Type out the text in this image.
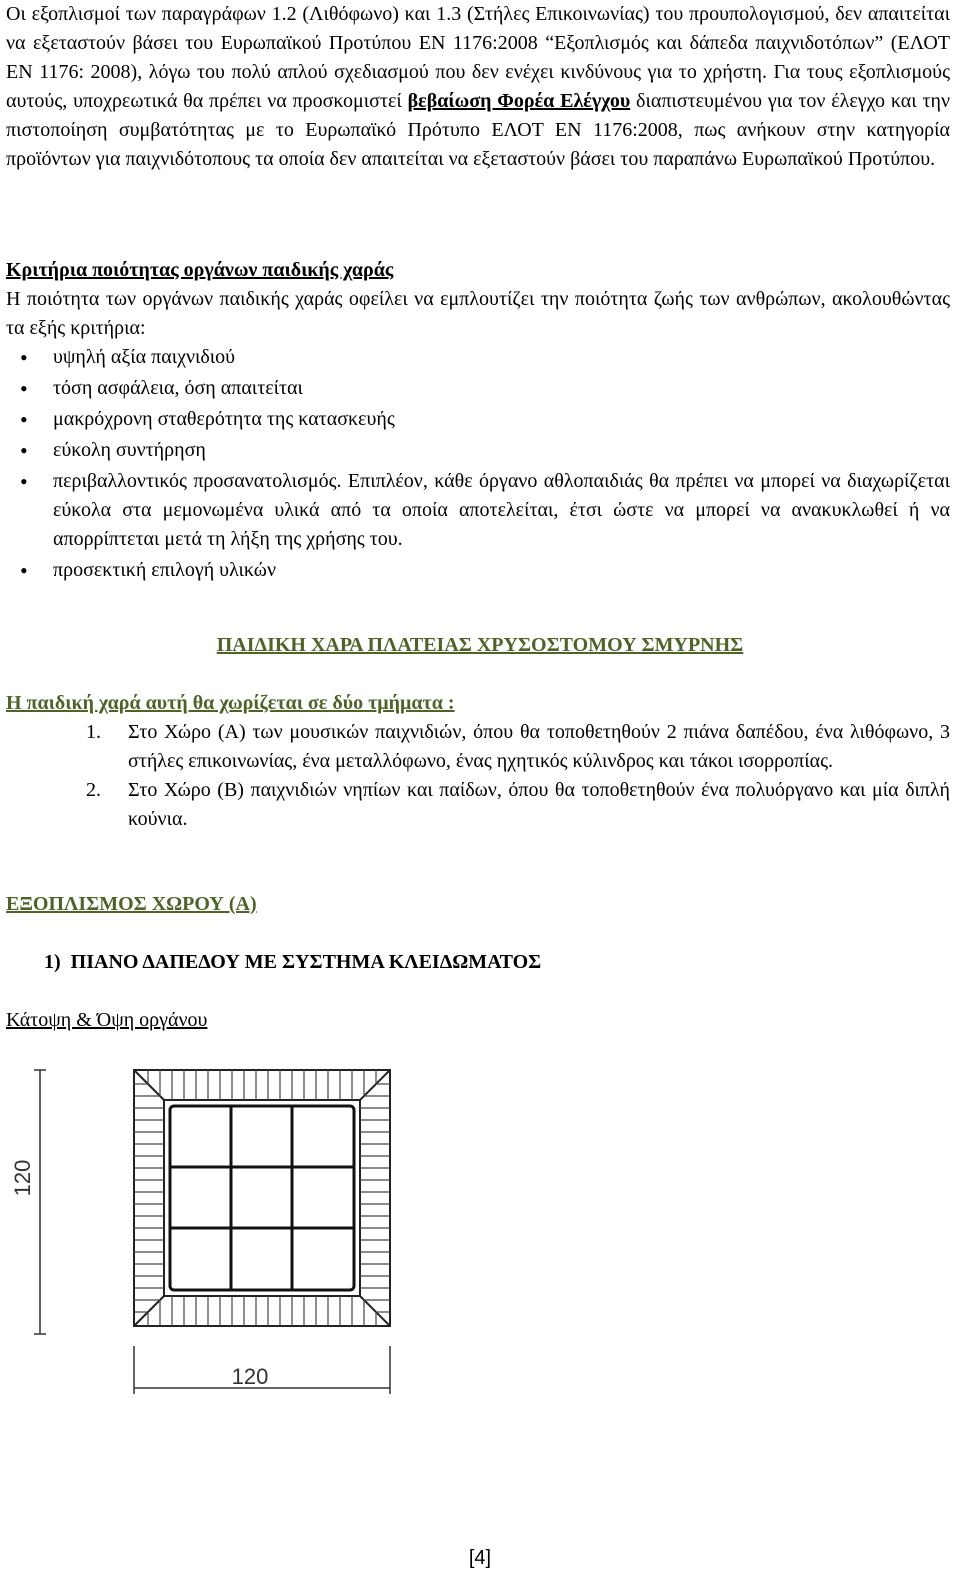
Οι εξοπλισμοί των παραγράφων 1.2 (Λιθόφωνο) και 1.3 (Στήλες Επικοινωνίας) του προυπολογισμού, δεν απαιτείται να εξεταστούν βάσει του Ευρωπαϊκού Προτύπου ΕΝ 1176:2008 “Εξοπλισμός και δάπεδα παιχνιδοτόπων” (ΕΛΟΤ ΕΝ 1176: 2008), λόγω του πολύ απλού σχεδιασμού που δεν ενέχει κινδύνους για το χρήστη. Για τους εξοπλισμούς αυτούς, υποχρεωτικά θα πρέπει να προσκομιστεί βεβαίωση Φορέα Ελέγχου διαπιστευμένου για τον έλεγχο και την πιστοποίηση συμβατότητας με το Ευρωπαϊκό Πρότυπο ΕΛΟΤ ΕΝ 1176:2008, πως ανήκουν στην κατηγορία προϊόντων για παιχνιδότοπους τα οποία δεν απαιτείται να εξεταστούν βάσει του παραπάνω Ευρωπαϊκού Προτύπου.

Κριτήρια ποιότητας οργάνων παιδικής χαράς

Η ποιότητα των οργάνων παιδικής χαράς οφείλει να εμπλουτίζει την ποιότητα ζωής των ανθρώπων, ακολουθώντας τα εξής κριτήρια:

• υψηλή αξία παιχνιδιού
• τόση ασφάλεια, όση απαιτείται
• μακρόχρονη σταθερότητα της κατασκευής
• εύκολη συντήρηση
• περιβαλλοντικός προσανατολισμός. Επιπλέον, κάθε όργανο αθλοπαιδιάς θα πρέπει να μπορεί να διαχωρίζεται εύκολα στα μεμονωμένα υλικά από τα οποία αποτελείται, έτσι ώστε να μπορεί να ανακυκλωθεί ή να απορρίπτεται μετά τη λήξη της χρήσης του.
• προσεκτική επιλογή υλικών

ΠΑΙΔΙΚΗ ΧΑΡΑ ΠΛΑΤΕΙΑΣ ΧΡΥΣΟΣΤΟΜΟΥ ΣΜΥΡΝΗΣ

Η παιδική χαρά αυτή θα χωρίζεται σε δύο τμήματα :

1. Στο Χώρο (Α) των μουσικών παιχνιδιών, όπου θα τοποθετηθούν 2 πιάνα δαπέδου, ένα λιθόφωνο, 3 στήλες επικοινωνίας, ένα μεταλλόφωνο, ένας ηχητικός κύλινδρος και τάκοι ισορροπίας.
2. Στο Χώρο (Β) παιχνιδιών νηπίων και παίδων, όπου θα τοποθετηθούν ένα πολυόργανο και μία διπλή κούνια.

ΕΞΟΠΛΙΣΜΟΣ ΧΩΡΟΥ (Α)

1) ΠΙΑΝΟ ΔΑΠΕΔΟΥ ΜΕ ΣΥΣΤΗΜΑ ΚΛΕΙΔΩΜΑΤΟΣ

Κάτοψη & Όψη οργάνου

120
120
[4]
